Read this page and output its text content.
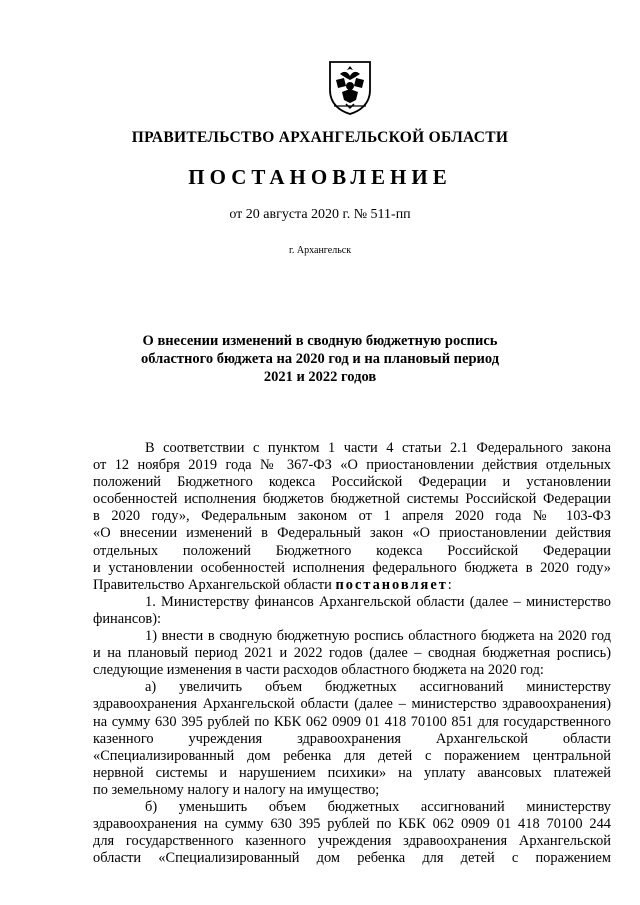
ПРАВИТЕЛЬСТВО АРХАНГЕЛЬСКОЙ ОБЛАСТИ
ПОСТАНОВЛЕНИЕ
от 20 августа 2020 г. № 511-пп
г. Архангельск
О внесении изменений в сводную бюджетную роспись
областного бюджета на 2020 год и на плановый период
2021 и 2022 годов
В соответствии с пунктом 1 части 4 статьи 2.1 Федерального закона
от 12 ноября 2019 года № 367-ФЗ «О приостановлении действия отдельных
положений Бюджетного кодекса Российской Федерации и установлении
особенностей исполнения бюджетов бюджетной системы Российской Федерации
в 2020 году», Федеральным законом от 1 апреля 2020 года № 103-ФЗ
«О внесении изменений в Федеральный закон «О приостановлении действия
отдельных положений Бюджетного кодекса Российской Федерации
и установлении особенностей исполнения федерального бюджета в 2020 году»
Правительство Архангельской области постановляет:
1. Министерству финансов Архангельской области (далее – министерство
финансов):
1) внести в сводную бюджетную роспись областного бюджета на 2020 год
и на плановый период 2021 и 2022 годов (далее – сводная бюджетная роспись)
следующие изменения в части расходов областного бюджета на 2020 год:
а) увеличить объем бюджетных ассигнований министерству
здравоохранения Архангельской области (далее – министерство здравоохранения)
на сумму 630 395 рублей по КБК 062 0909 01 418 70100 851 для государственного
казенного учреждения здравоохранения Архангельской области
«Специализированный дом ребенка для детей с поражением центральной
нервной системы и нарушением психики» на уплату авансовых платежей
по земельному налогу и налогу на имущество;
б) уменьшить объем бюджетных ассигнований министерству
здравоохранения на сумму 630 395 рублей по КБК 062 0909 01 418 70100 244
для государственного казенного учреждения здравоохранения Архангельской
области «Специализированный дом ребенка для детей с поражением
